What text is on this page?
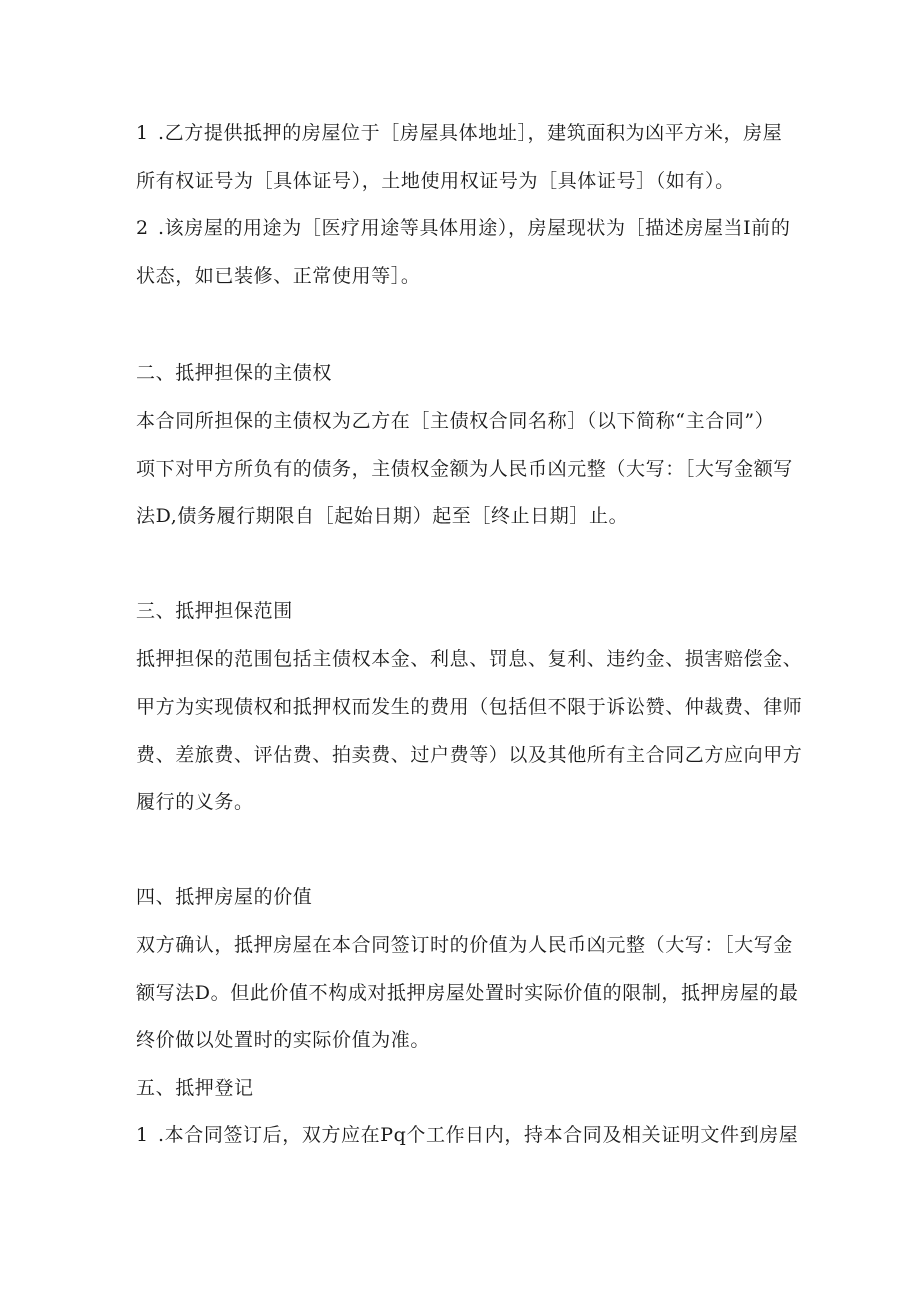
1 .乙方提供抵押的房屋位于［房屋具体地址］，建筑面积为凶平方米，房屋
所有权证号为［具体证号），土地使用权证号为［具体证号］（如有）。
2 .该房屋的用途为［医疗用途等具体用途），房屋现状为［描述房屋当I前的
状态，如已装修、正常使用等］。
二、抵押担保的主债权
本合同所担保的主债权为乙方在［主债权合同名称］（以下简称“主合同”）
项下对甲方所负有的债务，主债权金额为人民币凶元整（大写：［大写金额写
法D,债务履行期限自［起始日期）起至［终止日期］止。
三、抵押担保范围
抵押担保的范围包括主债权本金、利息、罚息、复利、违约金、损害赔偿金、
甲方为实现债权和抵押权而发生的费用（包括但不限于诉讼赞、仲裁费、律师
费、差旅费、评估费、拍卖费、过户费等）以及其他所有主合同乙方应向甲方
履行的义务。
四、抵押房屋的价值
双方确认，抵押房屋在本合同签订时的价值为人民币凶元整（大写：［大写金
额写法D。但此价值不构成对抵押房屋处置时实际价值的限制，抵押房屋的最
终价做以处置时的实际价值为准。
五、抵押登记
1 .本合同签订后，双方应在Pq个工作日内，持本合同及相关证明文件到房屋
